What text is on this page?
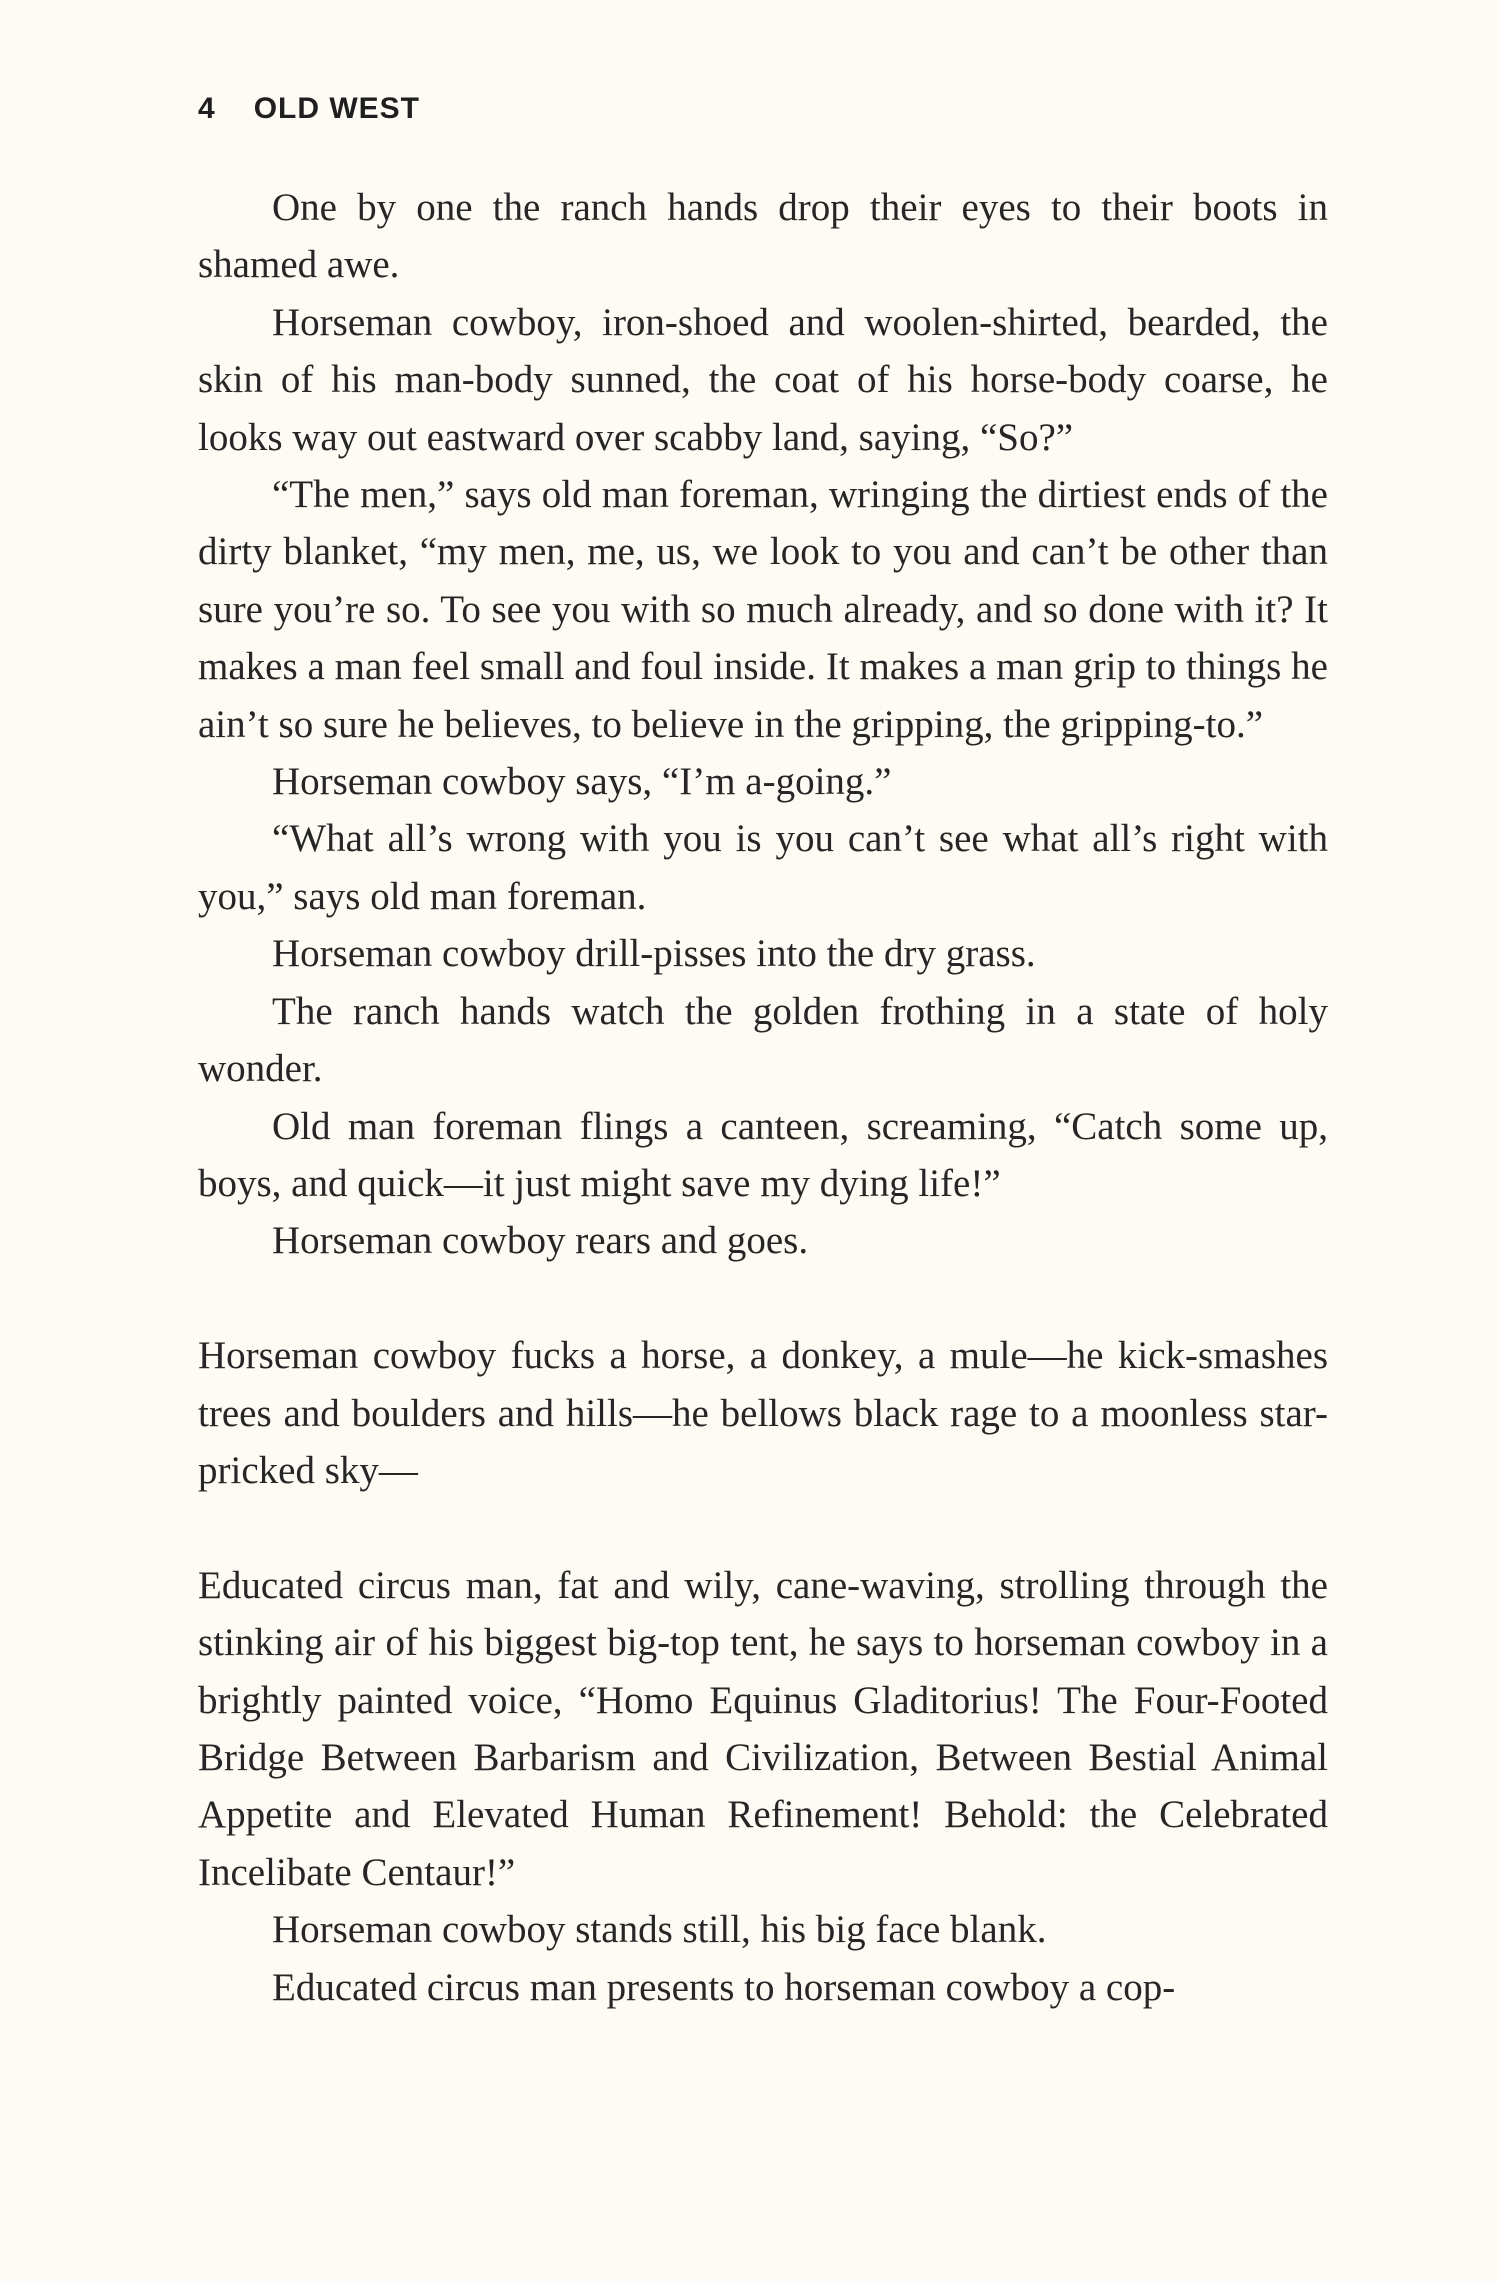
4 OLD WEST

One by one the ranch hands drop their eyes to their boots in shamed awe.

Horseman cowboy, iron-shoed and woolen-shirted, bearded, the skin of his man-body sunned, the coat of his horse-body coarse, he looks way out eastward over scabby land, saying, “So?”

“The men,” says old man foreman, wringing the dirtiest ends of the dirty blanket, “my men, me, us, we look to you and can’t be other than sure you’re so. To see you with so much already, and so done with it? It makes a man feel small and foul inside. It makes a man grip to things he ain’t so sure he believes, to believe in the gripping, the gripping-to.”

Horseman cowboy says, “I’m a-going.”

“What all’s wrong with you is you can’t see what all’s right with you,” says old man foreman.

Horseman cowboy drill-pisses into the dry grass.

The ranch hands watch the golden frothing in a state of holy wonder.

Old man foreman flings a canteen, screaming, “Catch some up, boys, and quick—it just might save my dying life!”

Horseman cowboy rears and goes.

Horseman cowboy fucks a horse, a donkey, a mule—he kick-smashes trees and boulders and hills—he bellows black rage to a moonless star-pricked sky—

Educated circus man, fat and wily, cane-waving, strolling through the stinking air of his biggest big-top tent, he says to horseman cowboy in a brightly painted voice, “Homo Equinus Gladitorius! The Four-Footed Bridge Between Barbarism and Civilization, Between Bestial Animal Appetite and Elevated Human Refinement! Behold: the Celebrated Incelibate Centaur!”

Horseman cowboy stands still, his big face blank.

Educated circus man presents to horseman cowboy a cop-
